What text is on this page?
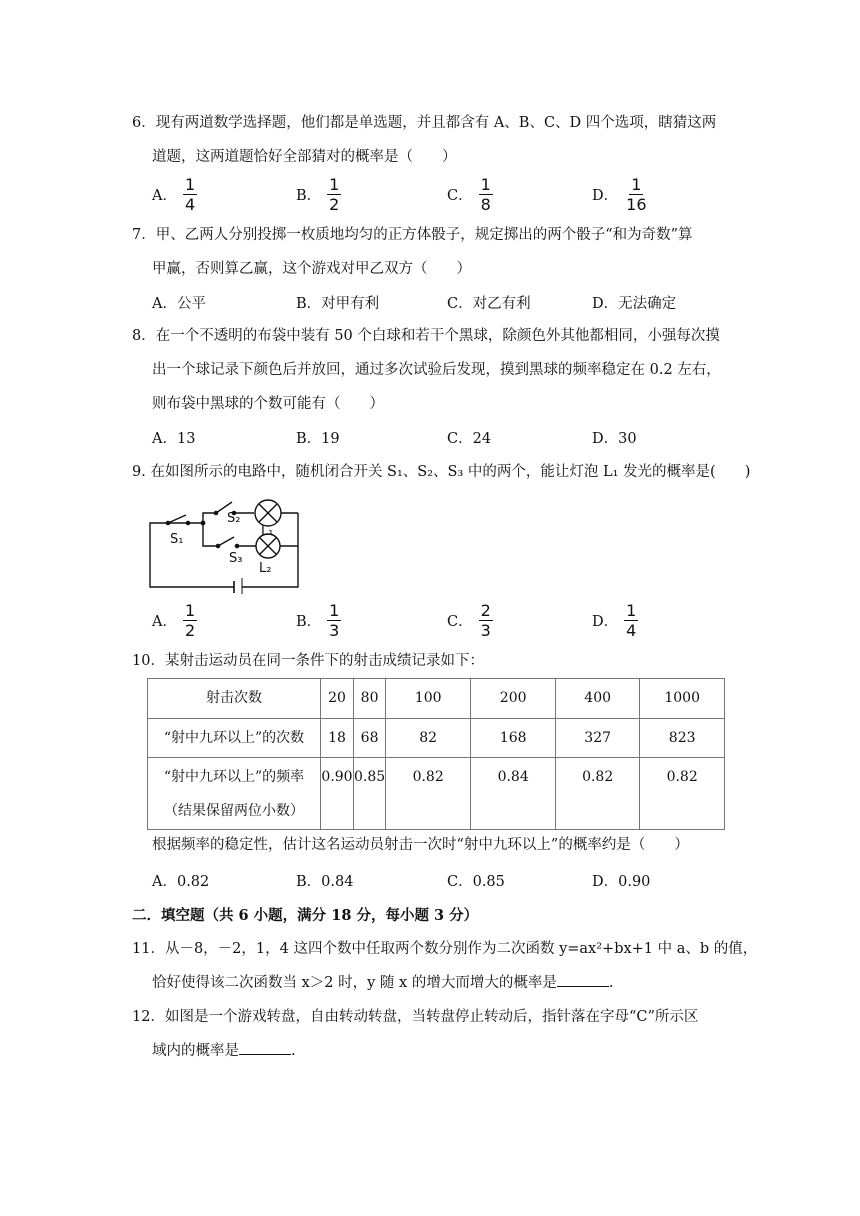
6．现有两道数学选择题，他们都是单选题，并且都含有 A、B、C、D 四个选项，瞎猜这两
道题，这两道题恰好全部猜对的概率是（　　）
A． $\frac{1}{4}$	B． $\frac{1}{2}$	C． $\frac{1}{8}$	D． $\frac{1}{16}$
7．甲、乙两人分别投掷一枚质地均匀的正方体骰子，规定掷出的两个骰子“和为奇数”算
甲赢，否则算乙赢，这个游戏对甲乙双方（　　）
A．公平	B．对甲有利	C．对乙有利	D．无法确定
8．在一个不透明的布袋中装有 50 个白球和若干个黑球，除颜色外其他都相同，小强每次摸
出一个球记录下颜色后并放回，通过多次试验后发现，摸到黑球的频率稳定在 0.2 左右，
则布袋中黑球的个数可能有（　　）
A．13	B．19	C．24	D．30
9. 在如图所示的电路中，随机闭合开关 S₁、S₂、S₃ 中的两个，能让灯泡 L₁ 发光的概率是(　　)
S₁
S₂
L₁
S₃
L₂
A． $\frac{1}{2}$	B． $\frac{1}{3}$	C． $\frac{2}{3}$	D． $\frac{1}{4}$
10．某射击运动员在同一条件下的射击成绩记录如下：
射击次数	20	80	100	200	400	1000
“射中九环以上”的次数	18	68	82	168	327	823

“射中九环以上”的频率
（结果保留两位小数）	0.90	0.85	0.82	0.84	0.82	0.82
根据频率的稳定性，估计这名运动员射击一次时“射中九环以上”的概率约是（　　）
A．0.82	B．0.84	C．0.85	D．0.90
二．填空题（共 6 小题，满分 18 分，每小题 3 分）
11．从－8，－2，1，4 这四个数中任取两个数分别作为二次函数 y=ax²+bx+1 中 a、b 的值，
恰好使得该二次函数当 x＞2 时，y 随 x 的增大而增大的概率是	.
12．如图是一个游戏转盘，自由转动转盘，当转盘停止转动后，指针落在字母“C”所示区
域内的概率是	.
